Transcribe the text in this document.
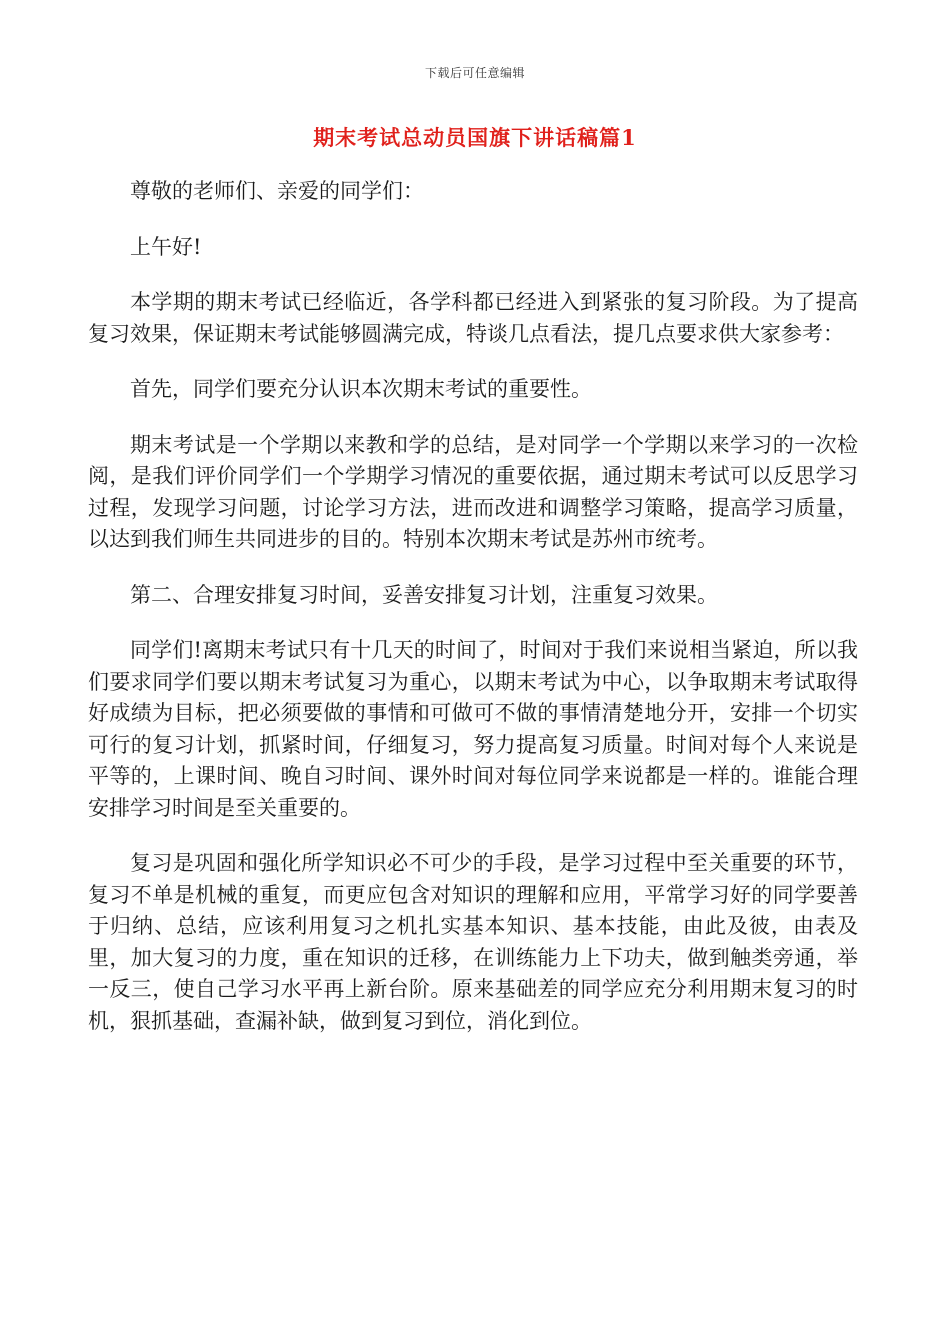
下载后可任意编辑
期末考试总动员国旗下讲话稿篇1

尊敬的老师们、亲爱的同学们：

上午好!

本学期的期末考试已经临近，各学科都已经进入到紧张的复习阶段。为了提高复习效果，保证期末考试能够圆满完成，特谈几点看法，提几点要求供大家参考：

首先，同学们要充分认识本次期末考试的重要性。

期末考试是一个学期以来教和学的总结，是对同学一个学期以来学习的一次检阅，是我们评价同学们一个学期学习情况的重要依据，通过期末考试可以反思学习过程，发现学习问题，讨论学习方法，进而改进和调整学习策略，提高学习质量，以达到我们师生共同进步的目的。特别本次期末考试是苏州市统考。

第二、合理安排复习时间，妥善安排复习计划，注重复习效果。

同学们!离期末考试只有十几天的时间了，时间对于我们来说相当紧迫，所以我们要求同学们要以期末考试复习为重心，以期末考试为中心，以争取期末考试取得好成绩为目标，把必须要做的事情和可做可不做的事情清楚地分开，安排一个切实可行的复习计划，抓紧时间，仔细复习，努力提高复习质量。时间对每个人来说是平等的，上课时间、晚自习时间、课外时间对每位同学来说都是一样的。谁能合理安排学习时间是至关重要的。

复习是巩固和强化所学知识必不可少的手段，是学习过程中至关重要的环节，复习不单是机械的重复，而更应包含对知识的理解和应用，平常学习好的同学要善于归纳、总结，应该利用复习之机扎实基本知识、基本技能，由此及彼，由表及里，加大复习的力度，重在知识的迁移，在训练能力上下功夫，做到触类旁通，举一反三，使自己学习水平再上新台阶。原来基础差的同学应充分利用期末复习的时机，狠抓基础，查漏补缺，做到复习到位，消化到位。
